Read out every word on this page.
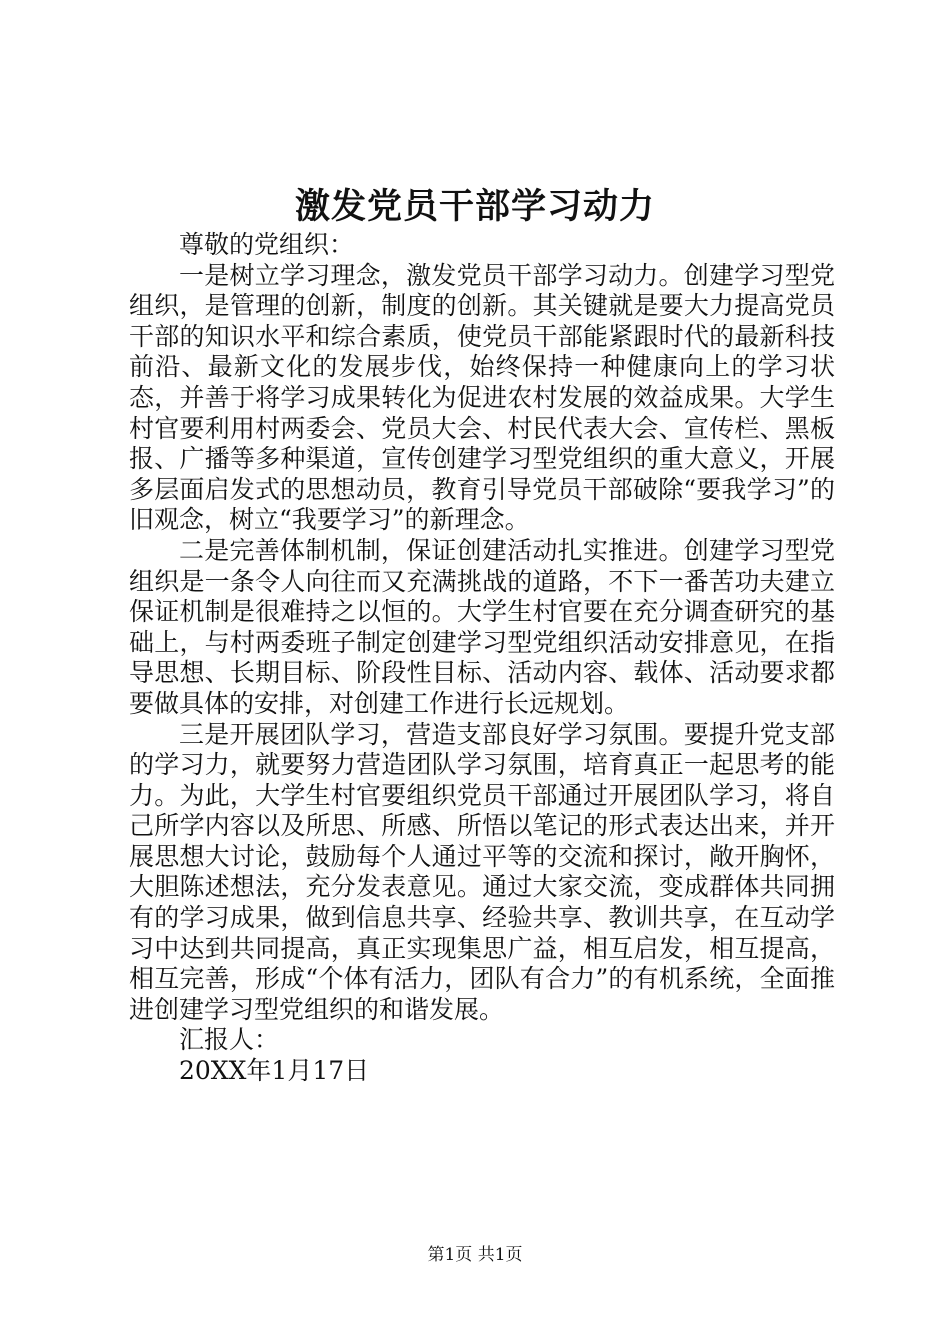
激发党员干部学习动力

尊敬的党组织：

一是树立学习理念，激发党员干部学习动力。创建学习型党组织，是管理的创新，制度的创新。其关键就是要大力提高党员干部的知识水平和综合素质，使党员干部能紧跟时代的最新科技前沿、最新文化的发展步伐，始终保持一种健康向上的学习状态，并善于将学习成果转化为促进农村发展的效益成果。大学生村官要利用村两委会、党员大会、村民代表大会、宣传栏、黑板报、广播等多种渠道，宣传创建学习型党组织的重大意义，开展多层面启发式的思想动员，教育引导党员干部破除“要我学习”的旧观念，树立“我要学习”的新理念。

二是完善体制机制，保证创建活动扎实推进。创建学习型党组织是一条令人向往而又充满挑战的道路，不下一番苦功夫建立保证机制是很难持之以恒的。大学生村官要在充分调查研究的基础上，与村两委班子制定创建学习型党组织活动安排意见，在指导思想、长期目标、阶段性目标、活动内容、载体、活动要求都要做具体的安排，对创建工作进行长远规划。

三是开展团队学习，营造支部良好学习氛围。要提升党支部的学习力，就要努力营造团队学习氛围，培育真正一起思考的能力。为此，大学生村官要组织党员干部通过开展团队学习，将自己所学内容以及所思、所感、所悟以笔记的形式表达出来，并开展思想大讨论，鼓励每个人通过平等的交流和探讨，敞开胸怀，大胆陈述想法，充分发表意见。通过大家交流，变成群体共同拥有的学习成果，做到信息共享、经验共享、教训共享，在互动学习中达到共同提高，真正实现集思广益，相互启发，相互提高，相互完善，形成“个体有活力，团队有合力”的有机系统，全面推进创建学习型党组织的和谐发展。

汇报人：

20XX年1月17日

第1页 共1页
